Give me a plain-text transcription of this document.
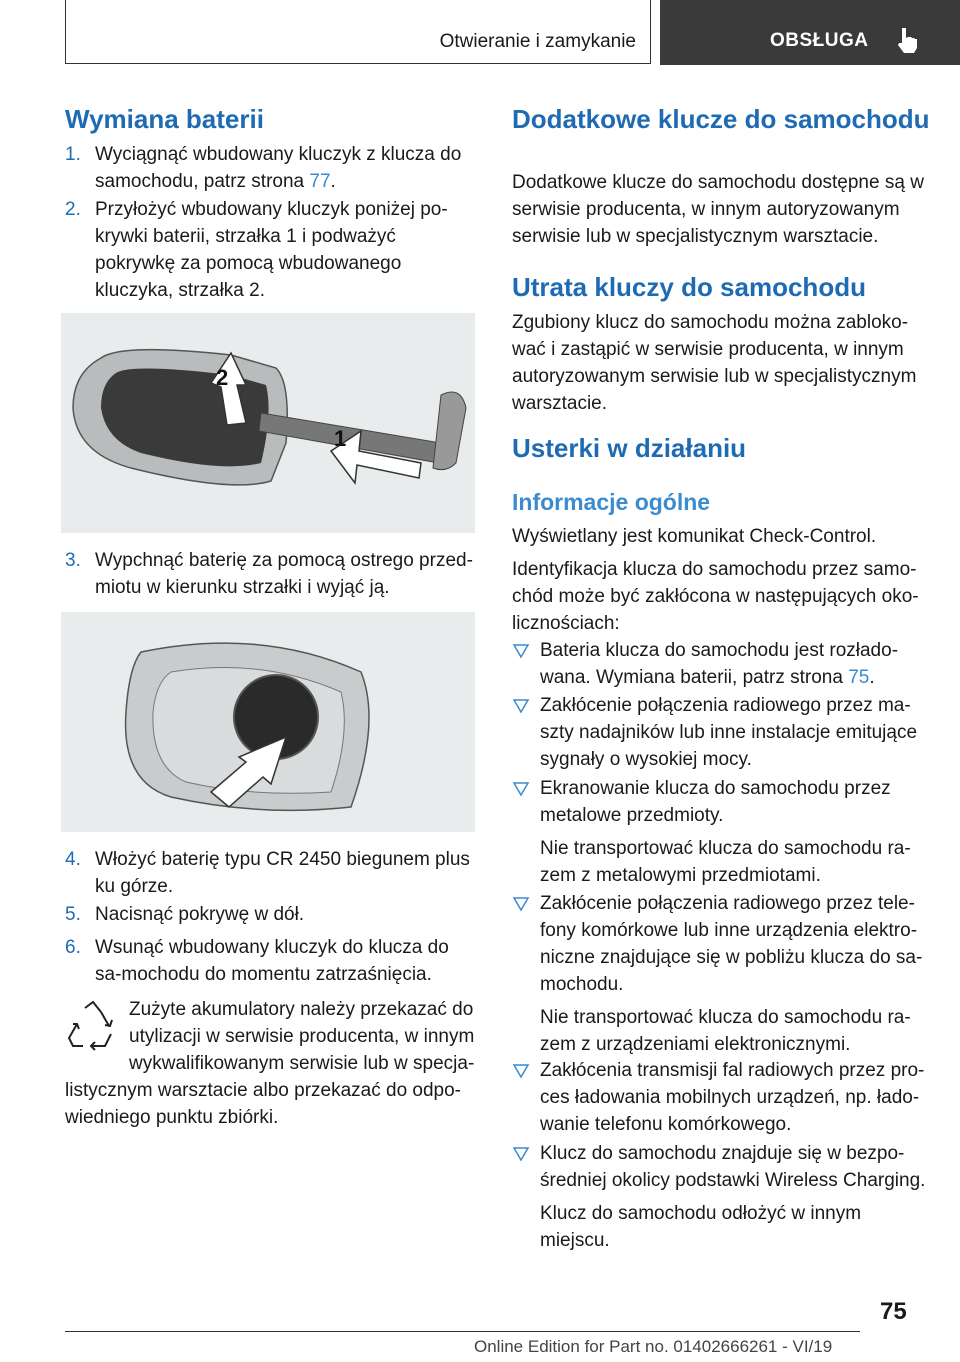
Otwieranie i zamykanie	OBSŁUGA
Wymiana baterii
1. Wyciągnąć wbudowany kluczyk z klucza do samochodu, patrz strona 77.
2. Przyłożyć wbudowany kluczyk poniżej po-krywki baterii, strzałka 1 i podważyć pokrywkę za pomocą wbudowanego kluczyka, strzałka 2.
2
1
3. Wypchnąć baterię za pomocą ostrego przed-miotu w kierunku strzałki i wyjąć ją.
4. Włożyć baterię typu CR 2450 biegunem plus ku górze.
5. Nacisnąć pokrywę w dół.
6. Wsunąć wbudowany kluczyk do klucza do sa-mochodu do momentu zatrzaśnięcia.
Zużyte akumulatory należy przekazać do utylizacji w serwisie producenta, w innym wykwalifikowanym serwisie lub w specja-listycznym warsztacie albo przekazać do odpo-wiedniego punktu zbiórki.
Dodatkowe klucze do samochodu

Dodatkowe klucze do samochodu dostępne są w serwisie producenta, w innym autoryzowanym serwisie lub w specjalistycznym warsztacie.

Utrata kluczy do samochodu

Zgubiony klucz do samochodu można zabloko-wać i zastąpić w serwisie producenta, w innym autoryzowanym serwisie lub w specjalistycznym warsztacie.

Usterki w działaniu
Informacje ogólne

Wyświetlany jest komunikat Check-Control.

Identyfikacja klucza do samochodu przez samo-chód może być zakłócona w następujących oko-licznościach:

Bateria klucza do samochodu jest rozłado-wana. Wymiana baterii, patrz strona 75.
Zakłócenie połączenia radiowego przez ma-szty nadajników lub inne instalacje emitujące sygnały o wysokiej mocy.
Ekranowanie klucza do samochodu przez metalowe przedmioty.
Nie transportować klucza do samochodu ra-zem z metalowymi przedmiotami.
Zakłócenie połączenia radiowego przez tele-fony komórkowe lub inne urządzenia elektro-niczne znajdujące się w pobliżu klucza do sa-mochodu.
Nie transportować klucza do samochodu ra-zem z urządzeniami elektronicznymi.
Zakłócenia transmisji fal radiowych przez pro-ces ładowania mobilnych urządzeń, np. łado-wanie telefonu komórkowego.
Klucz do samochodu znajduje się w bezpo-średniej okolicy podstawki Wireless Charging.
Klucz do samochodu odłożyć w innym miejscu.
75
Online Edition for Part no. 01402666261 - VI/19
